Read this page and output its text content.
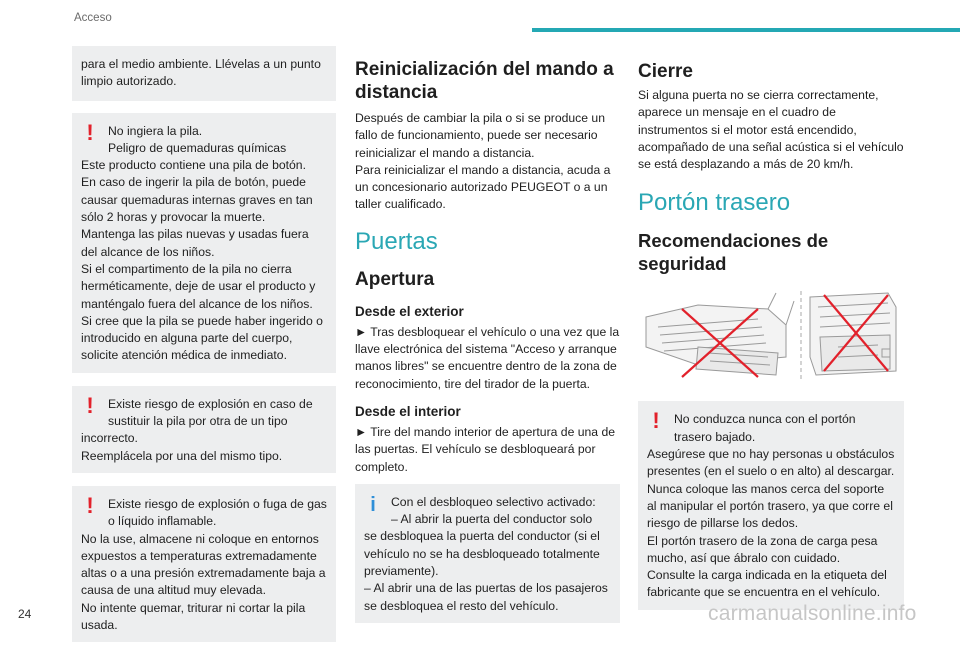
Acceso

para el medio ambiente. Llévelas a un punto limpio autorizado.

!	No ingiera la pila.

Peligro de quemaduras químicas

Este producto contiene una pila de botón.
En caso de ingerir la pila de botón, puede causar quemaduras internas graves en tan sólo 2 horas y provocar la muerte.
Mantenga las pilas nuevas y usadas fuera del alcance de los niños.
Si el compartimento de la pila no cierra herméticamente, deje de usar el producto y manténgalo fuera del alcance de los niños.
Si cree que la pila se puede haber ingerido o introducido en alguna parte del cuerpo, solicite atención médica de inmediato.

!	Existe riesgo de explosión en caso de sustituir la pila por otra de un tipo

incorrecto.
Reemplácela por una del mismo tipo.

!	Existe riesgo de explosión o fuga de gas o líquido inflamable.

No la use, almacene ni coloque en entornos expuestos a temperaturas extremadamente altas o a una presión extremadamente baja a causa de una altitud muy elevada.
No intente quemar, triturar ni cortar la pila usada.

Reinicialización del mando a distancia

Después de cambiar la pila o si se produce un fallo de funcionamiento, puede ser necesario reinicializar el mando a distancia.
Para reinicializar el mando a distancia, acuda a un concesionario autorizado PEUGEOT o a un taller cualificado.

Puertas
Apertura
Desde el exterior

► Tras desbloquear el vehículo o una vez que la llave electrónica del sistema "Acceso y arranque manos libres" se encuentre dentro de la zona de reconocimiento, tire del tirador de la puerta.

Desde el interior

► Tire del mando interior de apertura de una de las puertas. El vehículo se desbloqueará por completo.

i	Con el desbloqueo selectivo activado:

– Al abrir la puerta del conductor solo

se desbloquea la puerta del conductor (si el vehículo no se ha desbloqueado totalmente previamente).
– Al abrir una de las puertas de los pasajeros se desbloquea el resto del vehículo.

Cierre

Si alguna puerta no se cierra correctamente, aparece un mensaje en el cuadro de instrumentos si el motor está encendido, acompañado de una señal acústica si el vehículo se está desplazando a más de 20 km/h.

Portón trasero
Recomendaciones de seguridad
!	No conduzca nunca con el portón trasero bajado.

Asegúrese que no hay personas u obstáculos presentes (en el suelo o en alto) al descargar.
Nunca coloque las manos cerca del soporte al manipular el portón trasero, ya que corre el riesgo de pillarse los dedos.
El portón trasero de la zona de carga pesa mucho, así que ábralo con cuidado.
Consulte la carga indicada en la etiqueta del fabricante que se encuentra en el vehículo.

24	carmanualsonline.info
